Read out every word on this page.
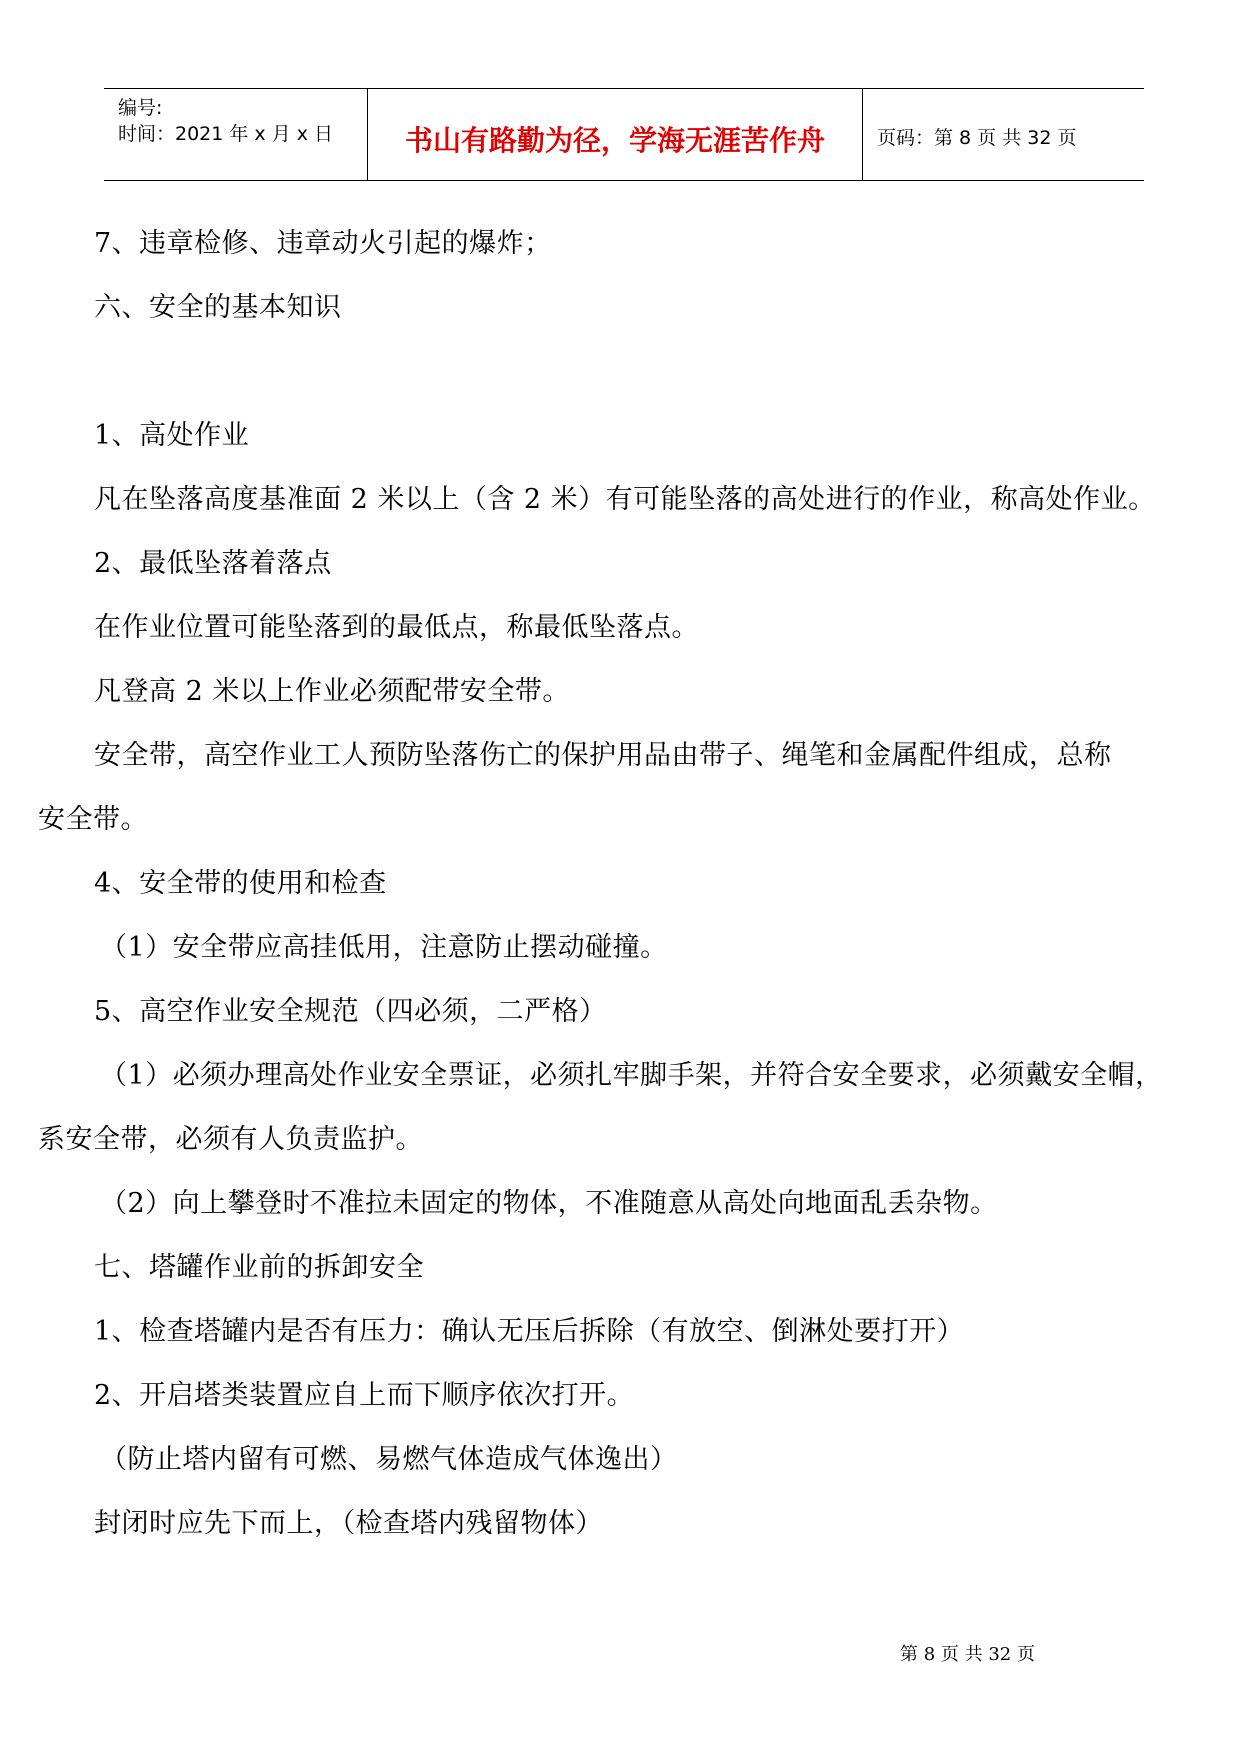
编号:
时间：2021 年 x 月 x 日	书山有路勤为径，学海无涯苦作舟	页码：第 8 页 共 32 页
7、违章检修、违章动火引起的爆炸；
六、安全的基本知识
1、高处作业
凡在坠落高度基准面 2 米以上（含 2 米）有可能坠落的高处进行的作业，称高处作业。
2、最低坠落着落点
在作业位置可能坠落到的最低点，称最低坠落点。
凡登高 2 米以上作业必须配带安全带。
安全带，高空作业工人预防坠落伤亡的保护用品由带子、绳笔和金属配件组成，总称
安全带。
4、安全带的使用和检查
（1）安全带应高挂低用，注意防止摆动碰撞。
5、高空作业安全规范（四必须，二严格）
（1）必须办理高处作业安全票证，必须扎牢脚手架，并符合安全要求，必须戴安全帽，
系安全带，必须有人负责监护。
（2）向上攀登时不准拉未固定的物体，不准随意从高处向地面乱丢杂物。
七、塔罐作业前的拆卸安全
1、检查塔罐内是否有压力：确认无压后拆除（有放空、倒淋处要打开）
2、开启塔类装置应自上而下顺序依次打开。
（防止塔内留有可燃、易燃气体造成气体逸出）
封闭时应先下而上，（检查塔内残留物体）
第 8 页 共 32 页
